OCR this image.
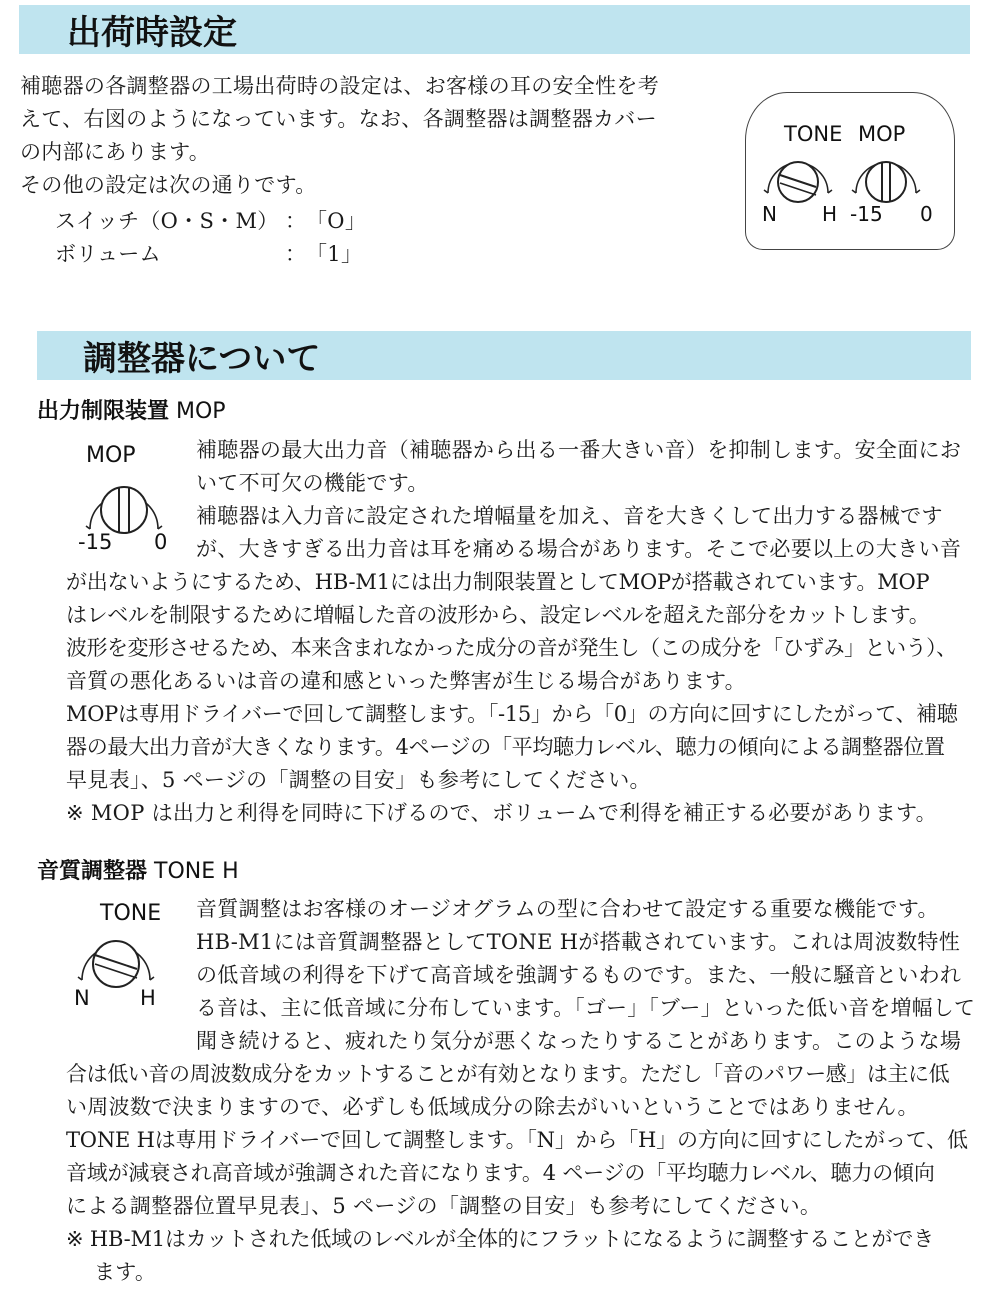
出荷時設定
補聴器の各調整器の工場出荷時の設定は、お客様の耳の安全性を考
えて、右図のようになっています。なお、各調整器は調整器カバー
の内部にあります。
その他の設定は次の通りです。
スイッチ（O・S・M） ： 「O」
ボリューム	： 「1」
TONE MOP
N H -15 0
調整器について
出力制限装置 MOP
MOP
-15 0
補聴器の最大出力音（補聴器から出る一番大きい音）を抑制します。安全面にお
いて不可欠の機能です。
補聴器は入力音に設定された増幅量を加え、音を大きくして出力する器械です
が、大きすぎる出力音は耳を痛める場合があります。そこで必要以上の大きい音
が出ないようにするため、HB-M1には出力制限装置としてMOPが搭載されています。MOP
はレベルを制限するために増幅した音の波形から、設定レベルを超えた部分をカットします。
波形を変形させるため、本来含まれなかった成分の音が発生し（この成分を「ひずみ」という）、
音質の悪化あるいは音の違和感といった弊害が生じる場合があります。
MOPは専用ドライバーで回して調整します。「-15」から「0」の方向に回すにしたがって、補聴
器の最大出力音が大きくなります。4ページの「平均聴力レベル、聴力の傾向による調整器位置
早見表」、5 ページの「調整の目安」も参考にしてください。
※ MOP は出力と利得を同時に下げるので、ボリュームで利得を補正する必要があります。
音質調整器 TONE H
TONE
N H
音質調整はお客様のオージオグラムの型に合わせて設定する重要な機能です。
HB-M1には音質調整器としてTONE Hが搭載されています。これは周波数特性
の低音域の利得を下げて高音域を強調するものです。また、一般に騒音といわれ
る音は、主に低音域に分布しています。「ゴー」「ブー」といった低い音を増幅して
聞き続けると、疲れたり気分が悪くなったりすることがあります。このような場
合は低い音の周波数成分をカットすることが有効となります。ただし「音のパワー感」は主に低
い周波数で決まりますので、必ずしも低域成分の除去がいいということではありません。
TONE Hは専用ドライバーで回して調整します。「N」から「H」の方向に回すにしたがって、低
音域が減衰され高音域が強調された音になります。4 ページの「平均聴力レベル、聴力の傾向
による調整器位置早見表」、5 ページの「調整の目安」も参考にしてください。
※ HB-M1はカットされた低域のレベルが全体的にフラットになるように調整することができ
ます。
